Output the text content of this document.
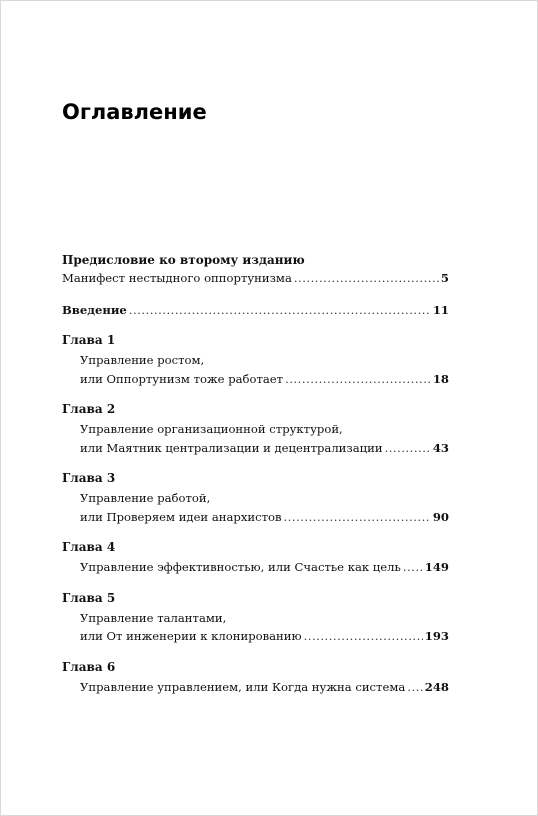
Оглавление
Предисловие ко второму изданию
Манифест нестыдного оппортунизма .....	5
Введение .....	11
Глава 1
Управление ростом,
или Оппортунизм тоже работает .....	18
Глава 2
Управление организационной структурой,
или Маятник централизации и децентрализации .....	43
Глава 3
Управление работой,
или Проверяем идеи анархистов .....	90
Глава 4
Управление эффективностью, или Счастье как цель ..... 149
Глава 5
Управление талантами,
или От инженерии к клонированию .....	193
Глава 6
Управление управлением, или Когда нужна система ..... 248
